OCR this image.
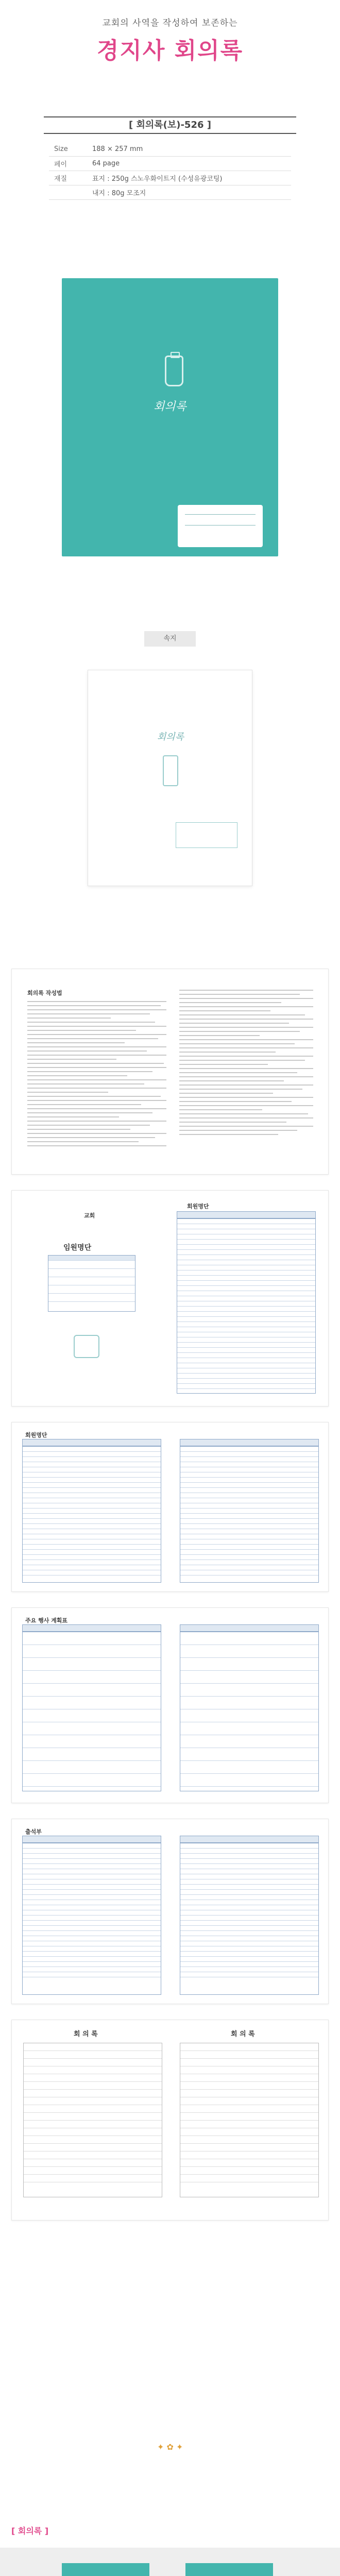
교회의 사역을 작성하여 보존하는
경지사 회의록
[ 회의록(보)-526 ]
Size	188 × 257 mm
페이	64 page
재질	표지 : 250g 스노우화이트지 (수성유광코팅)
내지 : 80g 모조지
회의록
속지
회의록
회의록 작성법
교회
임원명단
회원명단
회원명단
주요 행사 계획표
출석부
회 의 록	회 의 록
✦ ✿ ✦
[ 회의록 ]
